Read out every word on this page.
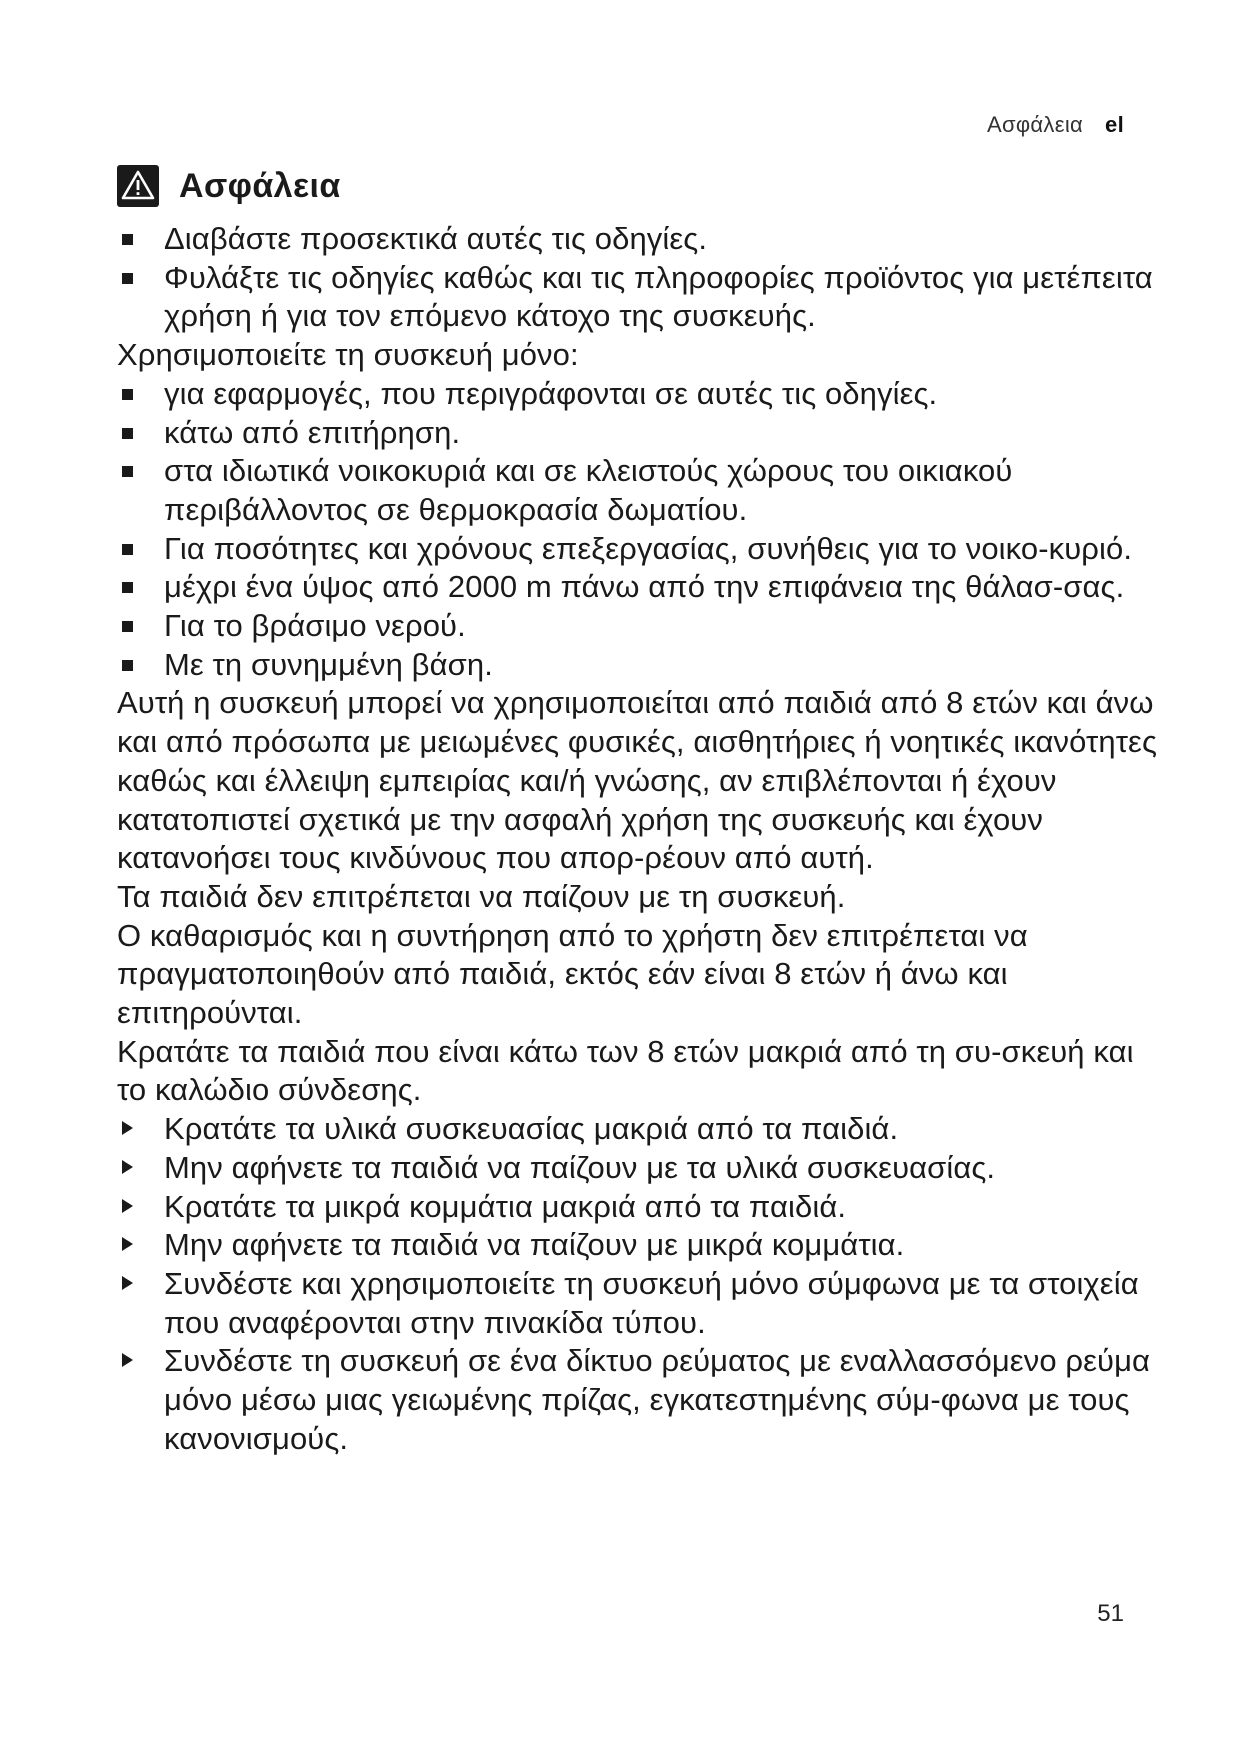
Ασφάλεια el
Ασφάλεια
Διαβάστε προσεκτικά αυτές τις οδηγίες.
Φυλάξτε τις οδηγίες καθώς και τις πληροφορίες προϊόντος για μετέπειτα χρήση ή για τον επόμενο κάτοχο της συσκευής.

Χρησιμοποιείτε τη συσκευή μόνο:

για εφαρμογές, που περιγράφονται σε αυτές τις οδηγίες.
κάτω από επιτήρηση.
στα ιδιωτικά νοικοκυριά και σε κλειστούς χώρους του οικιακού περιβάλλοντος σε θερμοκρασία δωματίου.
Για ποσότητες και χρόνους επεξεργασίας, συνήθεις για το νοικο-κυριό.
μέχρι ένα ύψος από 2000 m πάνω από την επιφάνεια της θάλασ-σας.
Για το βράσιμο νερού.
Με τη συνημμένη βάση.

Αυτή η συσκευή μπορεί να χρησιμοποιείται από παιδιά από 8 ετών και άνω και από πρόσωπα με μειωμένες φυσικές, αισθητήριες ή νοητικές ικανότητες καθώς και έλλειψη εμπειρίας και/ή γνώσης, αν επιβλέπονται ή έχουν κατατοπιστεί σχετικά με την ασφαλή χρήση της συσκευής και έχουν κατανοήσει τους κινδύνους που απορ-ρέουν από αυτή.

Τα παιδιά δεν επιτρέπεται να παίζουν με τη συσκευή.

Ο καθαρισμός και η συντήρηση από το χρήστη δεν επιτρέπεται να πραγματοποιηθούν από παιδιά, εκτός εάν είναι 8 ετών ή άνω και επιτηρούνται.

Κρατάτε τα παιδιά που είναι κάτω των 8 ετών μακριά από τη συ-σκευή και το καλώδιο σύνδεσης.

Κρατάτε τα υλικά συσκευασίας μακριά από τα παιδιά.
Μην αφήνετε τα παιδιά να παίζουν με τα υλικά συσκευασίας.
Κρατάτε τα μικρά κομμάτια μακριά από τα παιδιά.
Μην αφήνετε τα παιδιά να παίζουν με μικρά κομμάτια.
Συνδέστε και χρησιμοποιείτε τη συσκευή μόνο σύμφωνα με τα στοιχεία που αναφέρονται στην πινακίδα τύπου.
Συνδέστε τη συσκευή σε ένα δίκτυο ρεύματος με εναλλασσόμενο ρεύμα μόνο μέσω μιας γειωμένης πρίζας, εγκατεστημένης σύμ-φωνα με τους κανονισμούς.
51
